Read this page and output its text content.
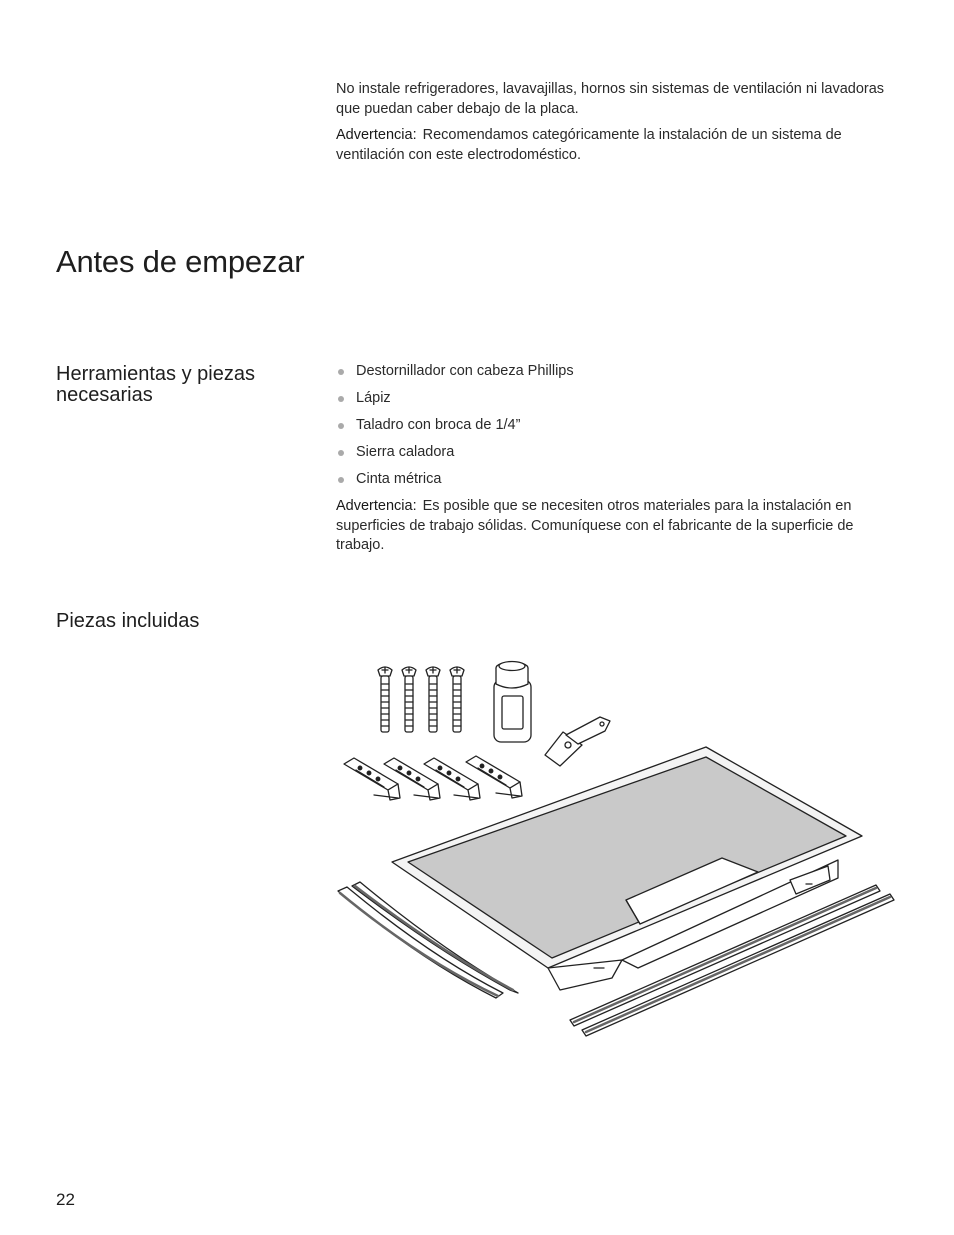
No instale refrigeradores, lavavajillas, hornos sin sistemas de ventilación ni lavadoras que puedan caber debajo de la placa.

Advertencia: Recomendamos categóricamente la instalación de un sistema de ventilación con este electrodoméstico.

Antes de empezar
Herramientas y piezas necesarias
Destornillador con cabeza Phillips
Lápiz
Taladro con broca de 1/4”
Sierra caladora
Cinta métrica
Advertencia: Es posible que se necesiten otros materiales para la instalación en superficies de trabajo sólidas. Comuníquese con el fabricante de la superficie de trabajo.
Piezas incluidas
22
